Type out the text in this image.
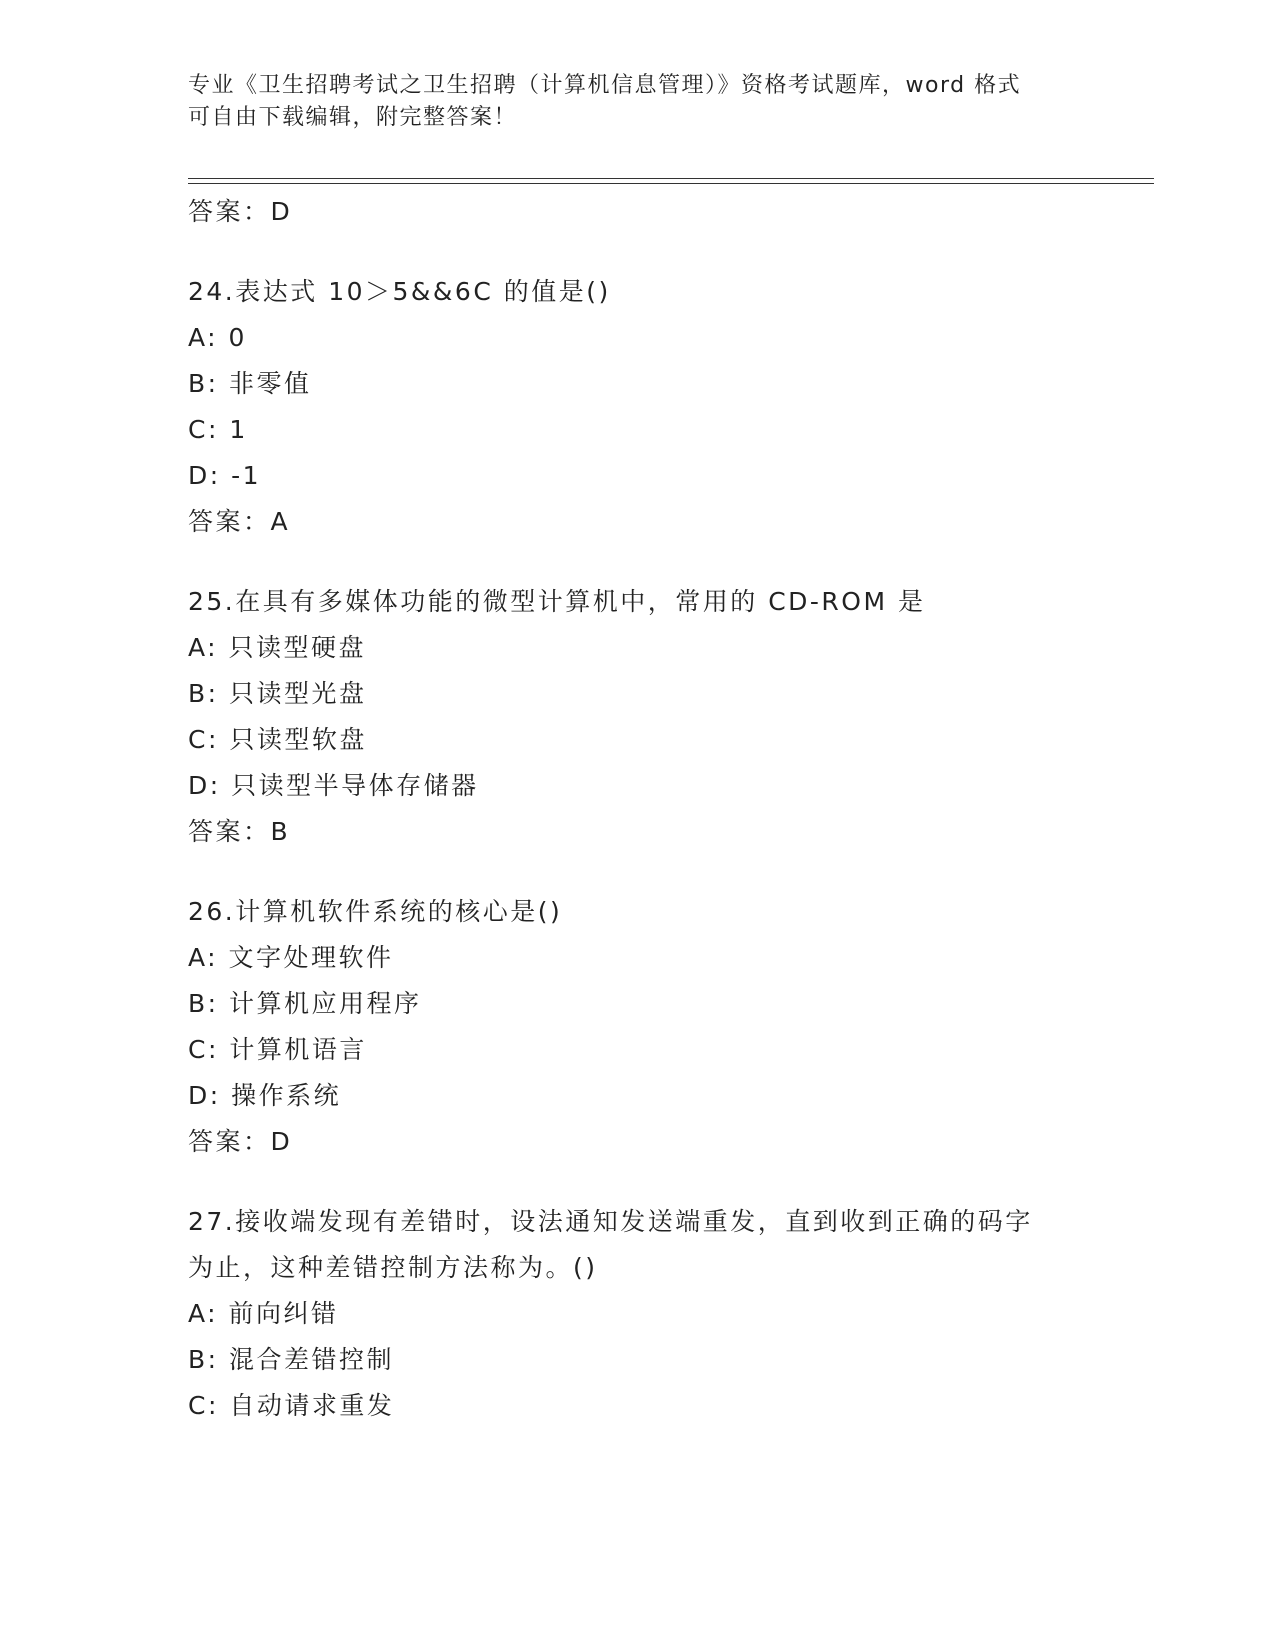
专业《卫生招聘考试之卫生招聘（计算机信息管理）》资格考试题库，word 格式
可自由下载编辑，附完整答案！
答案：D
24.表达式 10＞5&&6C 的值是()
A: 0
B: 非零值
C: 1
D: -1
答案：A
25.在具有多媒体功能的微型计算机中，常用的 CD-ROM 是
A: 只读型硬盘
B: 只读型光盘
C: 只读型软盘
D: 只读型半导体存储器
答案：B
26.计算机软件系统的核心是()
A: 文字处理软件
B: 计算机应用程序
C: 计算机语言
D: 操作系统
答案：D
27.接收端发现有差错时，设法通知发送端重发，直到收到正确的码字
为止，这种差错控制方法称为。()
A: 前向纠错
B: 混合差错控制
C: 自动请求重发
